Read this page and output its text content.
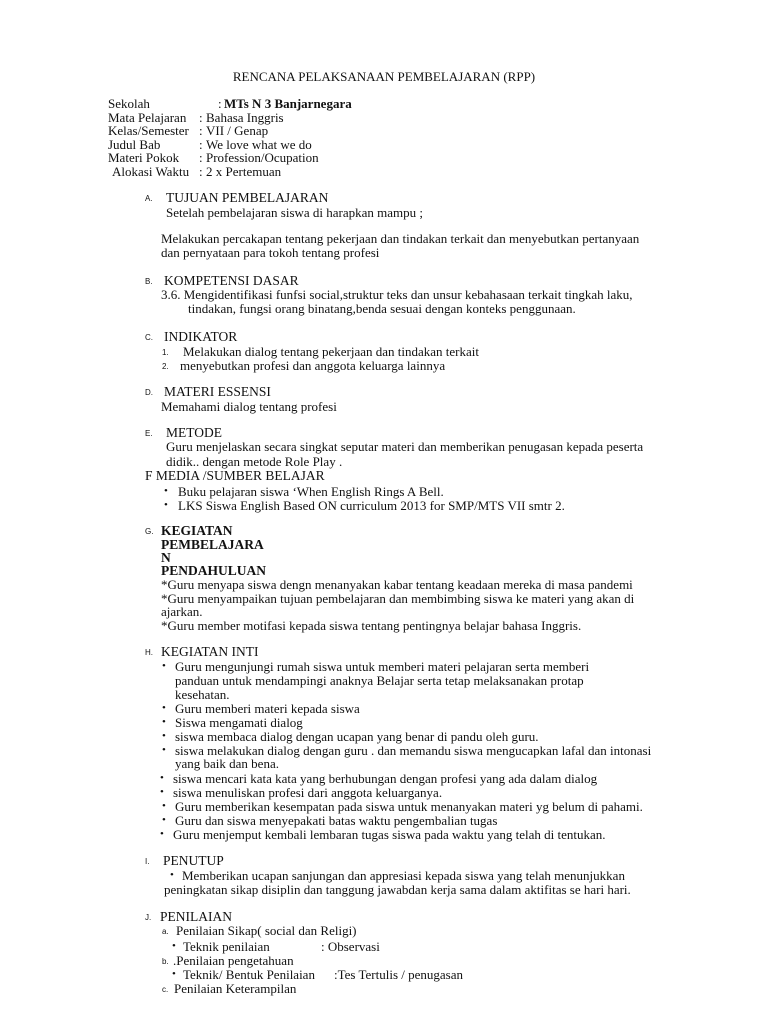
RENCANA PELAKSANAAN PEMBELAJARAN (RPP)
Sekolah	: MTs N 3 Banjarnegara
Mata Pelajaran : Bahasa Inggris
Kelas/Semester : VII / Genap
Judul Bab	: We love what we do
Materi Pokok : Profession/Ocupation
Alokasi Waktu : 2 x Pertemuan
A. TUJUAN PEMBELAJARAN
Setelah pembelajaran siswa di harapkan mampu ;
Melakukan percakapan tentang pekerjaan dan tindakan terkait dan menyebutkan pertanyaan
dan pernyataan para tokoh tentang profesi
B. KOMPETENSI DASAR
3.6. Mengidentifikasi funfsi social,struktur teks dan unsur kebahasaan terkait tingkah laku,
tindakan, fungsi orang binatang,benda sesuai dengan konteks penggunaan.
C. INDIKATOR
1. Melakukan dialog tentang pekerjaan dan tindakan terkait
2. menyebutkan profesi dan anggota keluarga lainnya
D. MATERI ESSENSI
Memahami dialog tentang profesi
E. METODE
Guru menjelaskan secara singkat seputar materi dan memberikan penugasan kepada peserta
didik.. dengan metode Role Play .
F MEDIA /SUMBER BELAJAR
• Buku pelajaran siswa ‘When English Rings A Bell.
• LKS Siswa English Based ON curriculum 2013 for SMP/MTS VII smtr 2.
G. KEGIATAN
PEMBELAJARA
N
PENDAHULUAN
*Guru menyapa siswa dengn menanyakan kabar tentang keadaan mereka di masa pandemi
*Guru menyampaikan tujuan pembelajaran dan membimbing siswa ke materi yang akan di
ajarkan.
*Guru member motifasi kepada siswa tentang pentingnya belajar bahasa Inggris.
H. KEGIATAN INTI
• Guru mengunjungi rumah siswa untuk memberi materi pelajaran serta memberi
panduan untuk mendampingi anaknya Belajar serta tetap melaksanakan protap
kesehatan.
• Guru memberi materi kepada siswa
• Siswa mengamati dialog
• siswa membaca dialog dengan ucapan yang benar di pandu oleh guru.
• siswa melakukan dialog dengan guru . dan memandu siswa mengucapkan lafal dan intonasi
yang baik dan bena.
• siswa mencari kata kata yang berhubungan dengan profesi yang ada dalam dialog
• siswa menuliskan profesi dari anggota keluarganya.
• Guru memberikan kesempatan pada siswa untuk menanyakan materi yg belum di pahami.
• Guru dan siswa menyepakati batas waktu pengembalian tugas
• Guru menjemput kembali lembaran tugas siswa pada waktu yang telah di tentukan.
I. PENUTUP
• Memberikan ucapan sanjungan dan appresiasi kepada siswa yang telah menunjukkan
peningkatan sikap disiplin dan tanggung jawabdan kerja sama dalam aktifitas se hari hari.
J. PENILAIAN
a. Penilaian Sikap( social dan Religi)
• Teknik penilaian	: Observasi
b. .Penilaian pengetahuan
• Teknik/ Bentuk Penilaian :Tes Tertulis / penugasan
c. Penilaian Keterampilan
